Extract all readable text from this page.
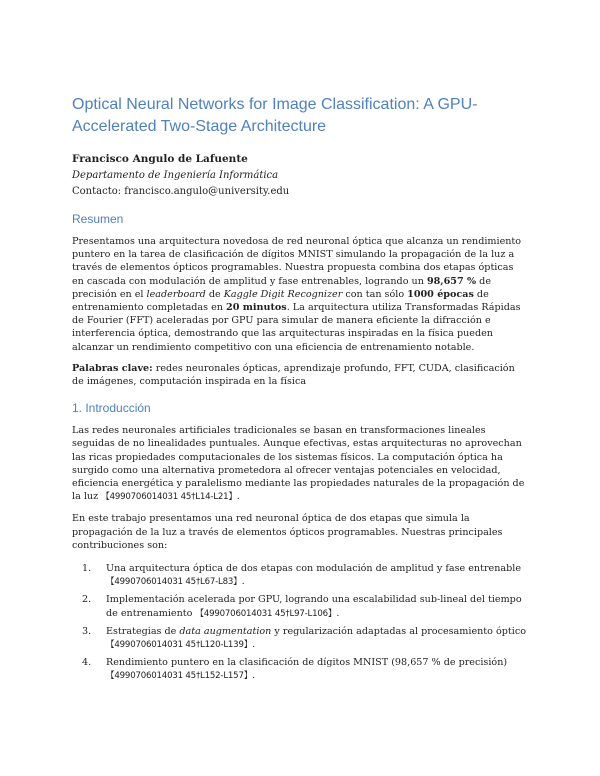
Optical Neural Networks for Image Classification: A GPU-Accelerated Two-Stage Architecture

Francisco Angulo de Lafuente

Departamento de Ingeniería Informática

Contacto: francisco.angulo@university.edu

Resumen

Presentamos una arquitectura novedosa de red neuronal óptica que alcanza un rendimiento puntero en la tarea de clasificación de dígitos MNIST simulando la propagación de la luz a través de elementos ópticos programables. Nuestra propuesta combina dos etapas ópticas en cascada con modulación de amplitud y fase entrenables, logrando un 98,657 % de precisión en el leaderboard de Kaggle Digit Recognizer con tan sólo 1000 épocas de entrenamiento completadas en 20 minutos. La arquitectura utiliza Transformadas Rápidas de Fourier (FFT) aceleradas por GPU para simular de manera eficiente la difracción e interferencia óptica, demostrando que las arquitecturas inspiradas en la física pueden alcanzar un rendimiento competitivo con una eficiencia de entrenamiento notable.

Palabras clave: redes neuronales ópticas, aprendizaje profundo, FFT, CUDA, clasificación de imágenes, computación inspirada en la física

1. Introducción

Las redes neuronales artificiales tradicionales se basan en transformaciones lineales seguidas de no linealidades puntuales. Aunque efectivas, estas arquitecturas no aprovechan las ricas propiedades computacionales de los sistemas físicos. La computación óptica ha surgido como una alternativa prometedora al ofrecer ventajas potenciales en velocidad, eficiencia energética y paralelismo mediante las propiedades naturales de la propagación de la luz 【4990706014031 45†L14-L21】.

En este trabajo presentamos una red neuronal óptica de dos etapas que simula la propagación de la luz a través de elementos ópticos programables. Nuestras principales contribuciones son:

1. Una arquitectura óptica de dos etapas con modulación de amplitud y fase entrenable 【4990706014031 45†L67-L83】.
2. Implementación acelerada por GPU, logrando una escalabilidad sub-lineal del tiempo de entrenamiento 【4990706014031 45†L97-L106】.
3. Estrategias de data augmentation y regularización adaptadas al procesamiento óptico 【4990706014031 45†L120-L139】.
4. Rendimiento puntero en la clasificación de dígitos MNIST (98,657 % de precisión) 【4990706014031 45†L152-L157】.
